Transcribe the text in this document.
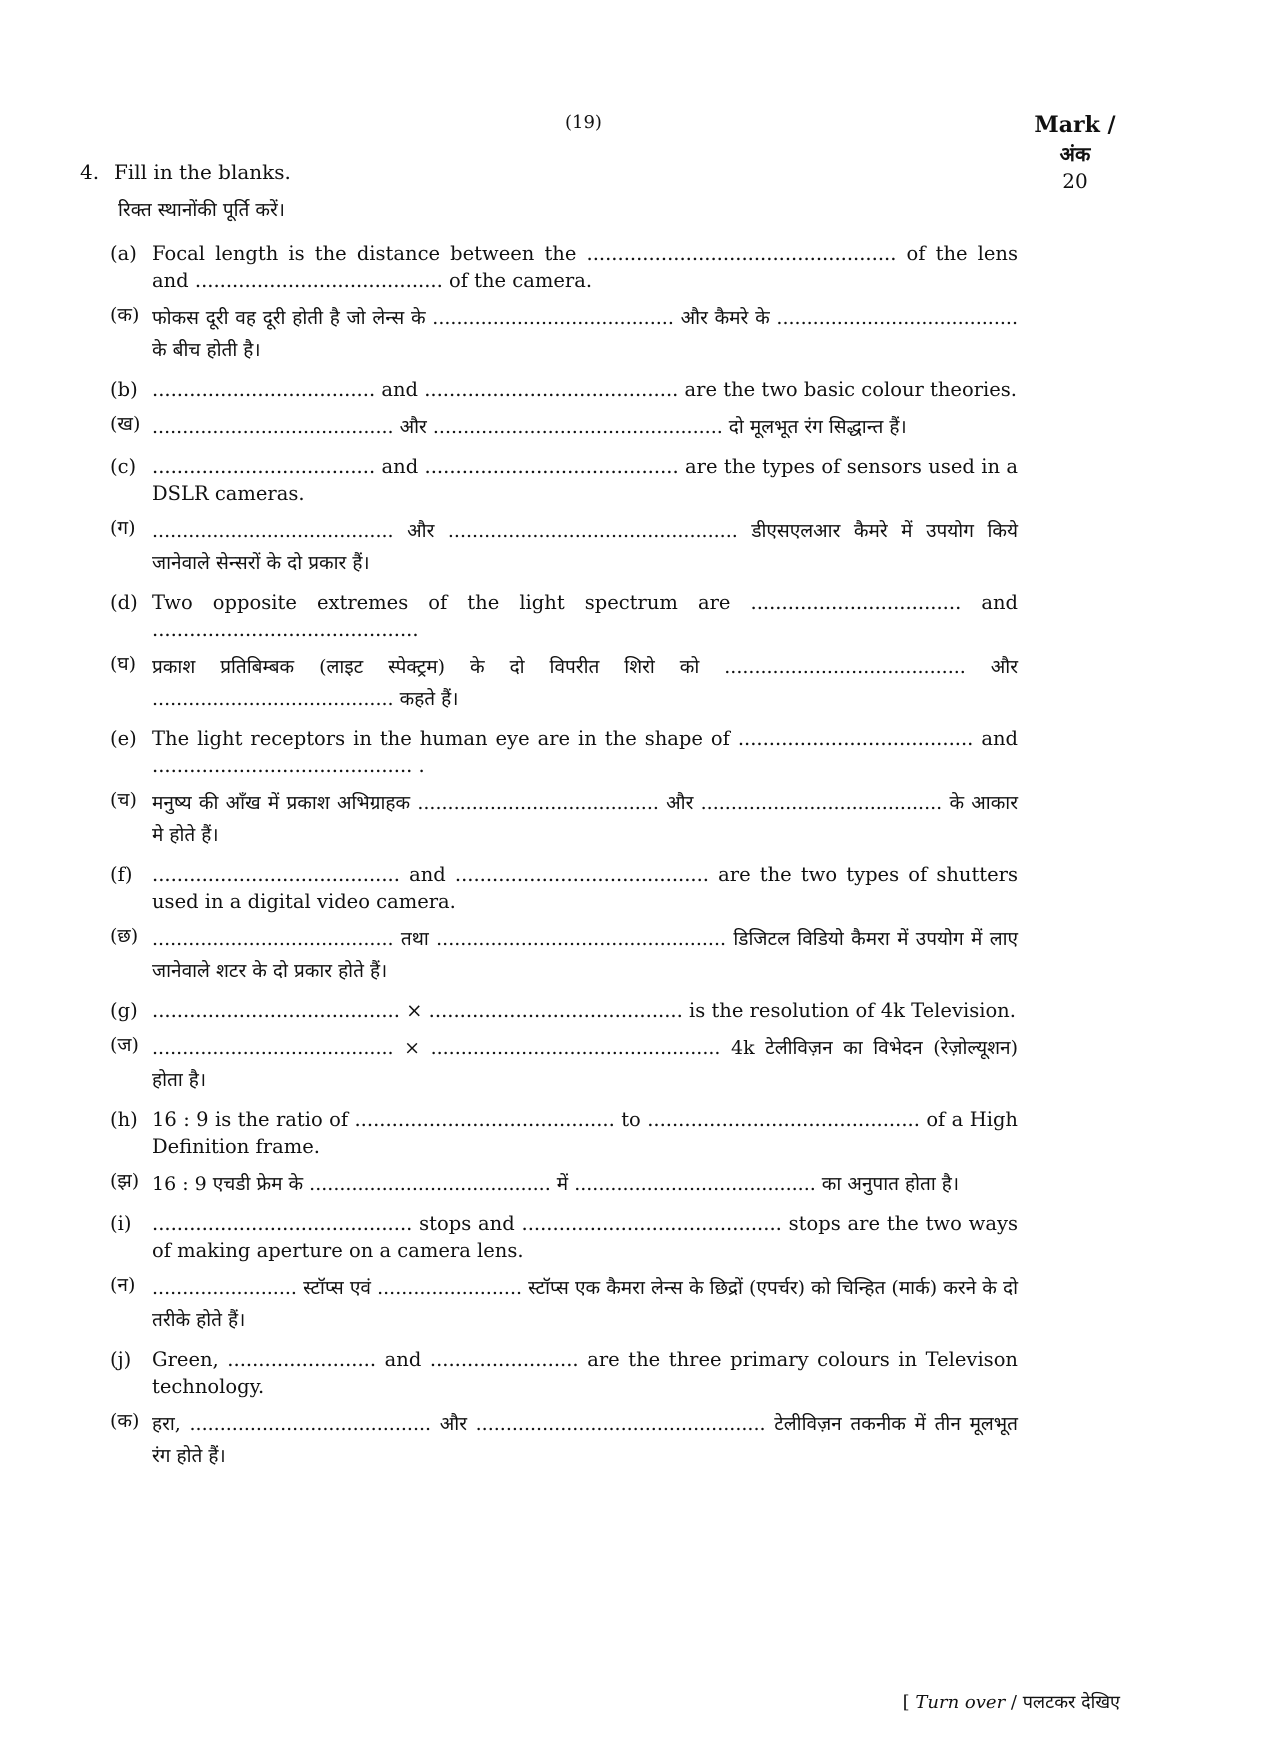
(19)	Mark /
अंक
20
4. Fill in the blanks.
रिक्त स्थानोंकी पूर्ति करें।
(a) Focal length is the distance between the .................................................. of the lens and ........................................ of the camera.
(क) फोकस दूरी वह दूरी होती है जो लेन्स के ........................................ और कैमरे के ........................................ के बीच होती है।
(b) .................................... and ......................................... are the two basic colour theories.
(ख) ........................................ और ................................................ दो मूलभूत रंग सिद्धान्त हैं।
(c) .................................... and ......................................... are the types of sensors used in a DSLR cameras.
(ग) ........................................ और ................................................ डीएसएलआर कैमरे में उपयोग किये जानेवाले सेन्सरों के दो प्रकार हैं।
(d) Two opposite extremes of the light spectrum are .................................. and ...........................................
(घ) प्रकाश प्रतिबिम्बक (लाइट स्पेक्ट्रम) के दो विपरीत शिरो को ........................................ और ........................................ कहते हैं।
(e) The light receptors in the human eye are in the shape of ...................................... and .......................................... .
(च) मनुष्य की आँख में प्रकाश अभिग्राहक ........................................ और ........................................ के आकार मे होते हैं।
(f)	........................................ and ......................................... are the two types of shutters used in a digital video camera.
(छ) ........................................ तथा ................................................ डिजिटल विडियो कैमरा में उपयोग में लाए जानेवाले शटर के दो प्रकार होते हैं।
(g) ........................................ × ......................................... is the resolution of 4k Television.
(ज) ........................................ × ................................................ 4k टेलीविज़न का विभेदन (रेज़ोल्यूशन) होता है।
(h) 16 : 9 is the ratio of .......................................... to ............................................ of a High Definition frame.
(झ) 16 : 9 एचडी फ्रेम के ........................................ में ........................................ का अनुपात होता है।
(i)	.......................................... stops and .......................................... stops are the two ways of making aperture on a camera lens.
(न) ........................ स्टॉप्स एवं ........................ स्टॉप्स एक कैमरा लेन्स के छिद्रों (एपर्चर) को चिन्हित (मार्क) करने के दो तरीके होते हैं।
(j)	Green, ........................ and ........................ are the three primary colours in Televison technology.
(क) हरा, ........................................ और ................................................ टेलीविज़न तकनीक में तीन मूलभूत रंग होते हैं।
[ Turn over / पलटकर देखिए
